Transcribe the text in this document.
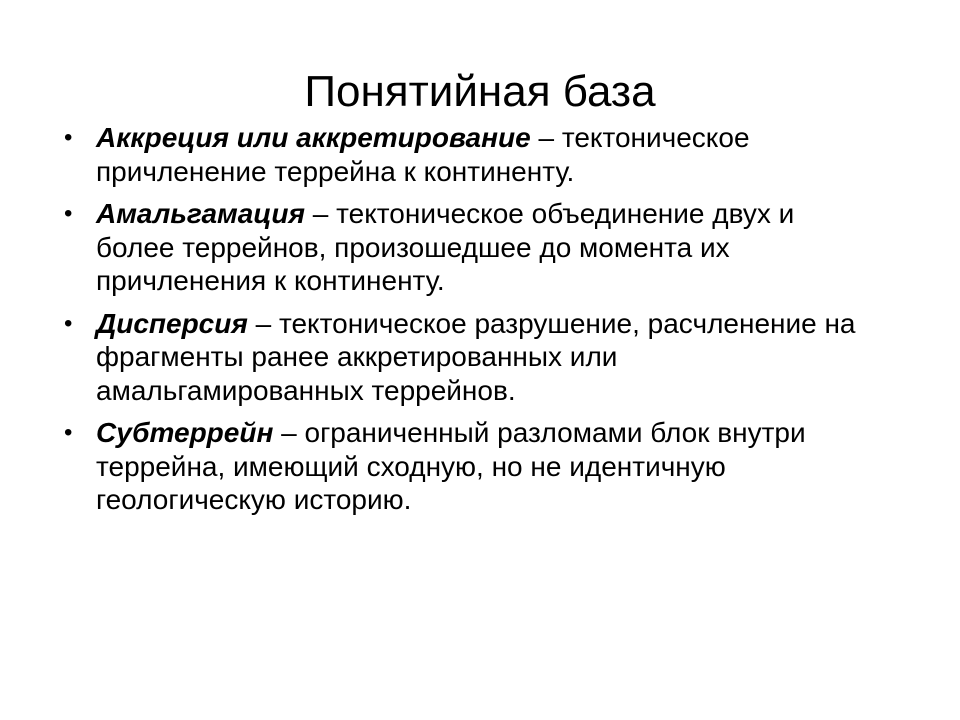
Понятийная база
• Аккреция или аккретирование – тектоническое причленение террейна к континенту.
• Амальгамация – тектоническое объединение двух и более террейнов, произошедшее до момента их причленения к континенту.
• Дисперсия – тектоническое разрушение, расчленение на фрагменты ранее аккретированных или амальгамированных террейнов.
• Субтеррейн – ограниченный разломами блок внутри террейна, имеющий сходную, но не идентичную геологическую историю.
